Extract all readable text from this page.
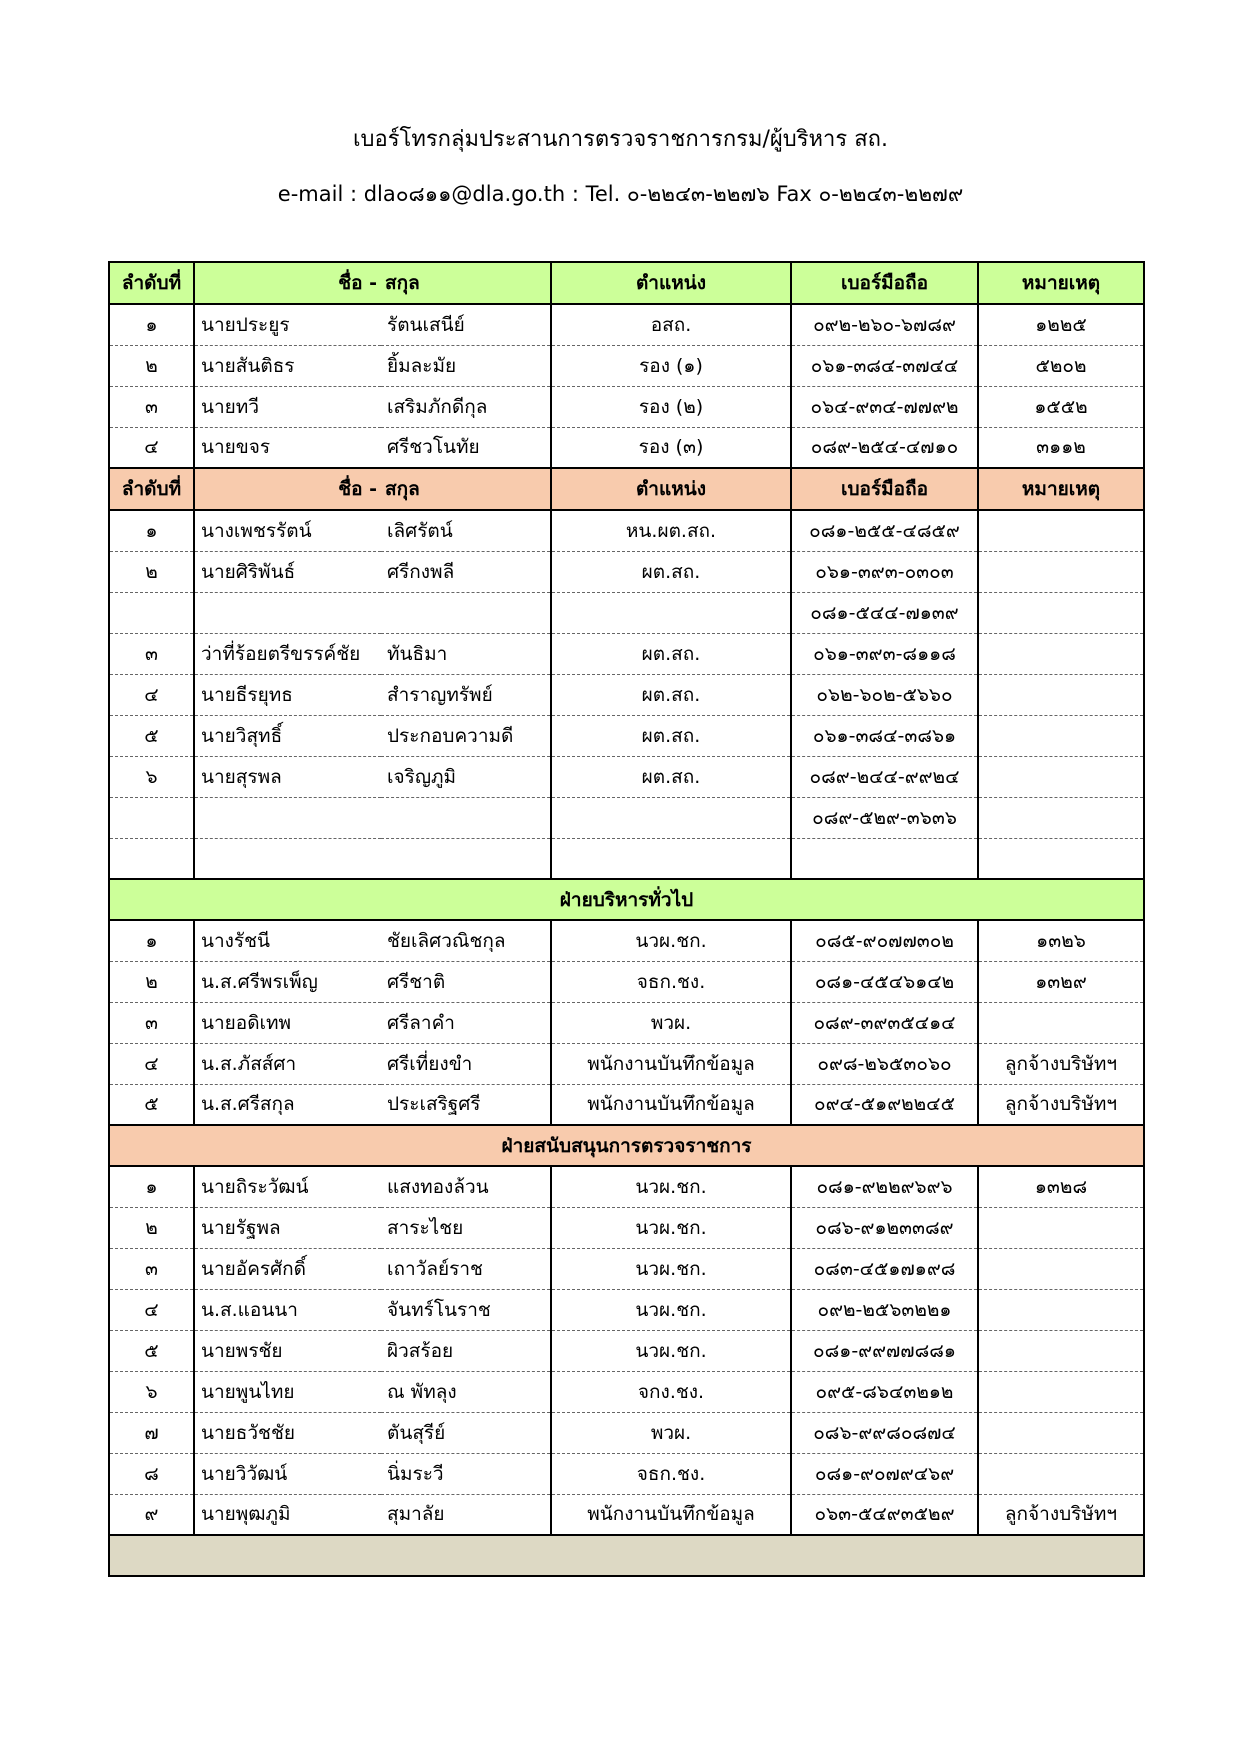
เบอร์โทรกลุ่มประสานการตรวจราชการกรม/ผู้บริหาร สถ.
e-mail : dla๐๘๑๑@dla.go.th : Tel. ๐-๒๒๔๓-๒๒๗๖ Fax ๐-๒๒๔๓-๒๒๗๙
ลำดับที่	ชื่อ -	สกุล	ตำแหน่ง	เบอร์มือถือ	หมายเหตุ
๑	นายประยูร	รัตนเสนีย์	อสถ.	๐๙๒-๒๖๐-๖๗๘๙	๑๒๒๕
๒	นายสันติธร	ยิ้มละมัย	รอง (๑)	๐๖๑-๓๘๔-๓๗๔๔	๕๒๐๒
๓	นายทวี	เสริมภักดีกุล	รอง (๒)	๐๖๔-๙๓๔-๗๗๙๒	๑๕๕๒
๔	นายขจร	ศรีชวโนทัย	รอง (๓)	๐๘๙-๒๕๔-๔๗๑๐	๓๑๑๒
ลำดับที่	ชื่อ -	สกุล	ตำแหน่ง	เบอร์มือถือ	หมายเหตุ
๑	นางเพชรรัตน์	เลิศรัตน์	หน.ผต.สถ.	๐๘๑-๒๕๕-๔๘๕๙	
๒	นายศิริพันธ์	ศรีกงพลี	ผต.สถ.	๐๖๑-๓๙๓-๐๓๐๓	
				๐๘๑-๕๔๔-๗๑๓๙	
๓	ว่าที่ร้อยตรีขรรค์ชัย	ทันธิมา	ผต.สถ.	๐๖๑-๓๙๓-๘๑๑๘	
๔	นายธีรยุทธ	สำราญทรัพย์	ผต.สถ.	๐๖๒-๖๐๒-๕๖๖๐	
๕	นายวิสุทธิ์	ประกอบความดี	ผต.สถ.	๐๖๑-๓๘๔-๓๘๖๑	
๖	นายสุรพล	เจริญภูมิ	ผต.สถ.	๐๘๙-๒๔๔-๙๙๒๔	
				๐๘๙-๕๒๙-๓๖๓๖	

ฝ่ายบริหารทั่วไป					
๑	นางรัชนี	ชัยเลิศวณิชกุล	นวผ.ชก.	๐๘๕-๙๐๗๗๓๐๒	๑๓๒๖
๒	น.ส.ศรีพรเพ็ญ	ศรีชาติ	จธก.ชง.	๐๘๑-๔๕๔๖๑๔๒	๑๓๒๙
๓	นายอดิเทพ	ศรีลาคำ	พวผ.	๐๘๙-๓๙๓๕๔๑๔	
๔	น.ส.ภัสส์ศา	ศรีเที่ยงขำ	พนักงานบันทึกข้อมูล	๐๙๘-๒๖๕๓๐๖๐	ลูกจ้างบริษัทฯ
๕	น.ส.ศรีสกุล	ประเสริฐศรี	พนักงานบันทึกข้อมูล	๐๙๔-๕๑๙๒๒๔๕	ลูกจ้างบริษัทฯ
ฝ่ายสนับสนุนการตรวจราชการ					
๑	นายถิระวัฒน์	แสงทองล้วน	นวผ.ชก.	๐๘๑-๙๒๒๙๖๙๖	๑๓๒๘
๒	นายรัฐพล	สาระไชย	นวผ.ชก.	๐๘๖-๙๑๒๓๓๘๙	
๓	นายอัครศักดิ์	เถาวัลย์ราช	นวผ.ชก.	๐๘๓-๔๕๑๗๑๙๘	
๔	น.ส.แอนนา	จันทร์โนราช	นวผ.ชก.	๐๙๒-๒๕๖๓๒๒๑	
๕	นายพรชัย	ผิวสร้อย	นวผ.ชก.	๐๘๑-๙๙๗๗๘๘๑	
๖	นายพูนไทย	ณ พัทลุง	จกง.ชง.	๐๙๕-๘๖๔๓๒๑๒	
๗	นายธวัชชัย	ตันสุรีย์	พวผ.	๐๘๖-๙๙๘๐๘๗๔	
๘	นายวิวัฒน์	นิ่มระวี	จธก.ชง.	๐๘๑-๙๐๗๙๔๖๙	
๙	นายพุฒภูมิ	สุมาลัย	พนักงานบันทึกข้อมูล	๐๖๓-๕๔๙๓๕๒๙	ลูกจ้างบริษัทฯ
